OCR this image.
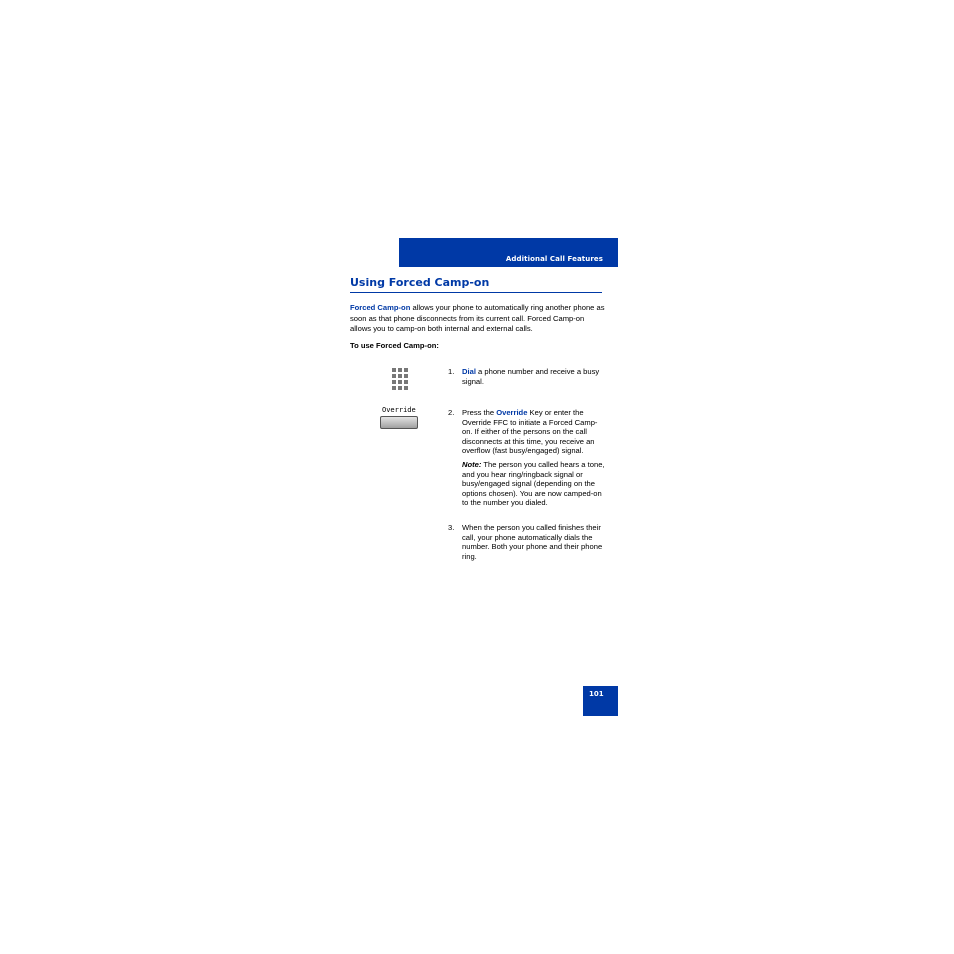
Additional Call Features
Using Forced Camp-on

Forced Camp-on allows your phone to automatically ring another phone as soon as that phone disconnects from its current call. Forced Camp-on allows you to camp-on both internal and external calls.

To use Forced Camp-on:

Override
1. Dial a phone number and receive a busy signal.
2. Press the Override Key or enter the Override FFC to initiate a Forced Camp-on. If either of the persons on the call disconnects at this time, you receive an overflow (fast busy/engaged) signal.
Note: The person you called hears a tone, and you hear ring/ringback signal or busy/engaged signal (depending on the options chosen). You are now camped-on to the number you dialed.
3. When the person you called finishes their call, your phone automatically dials the number. Both your phone and their phone ring.
101
